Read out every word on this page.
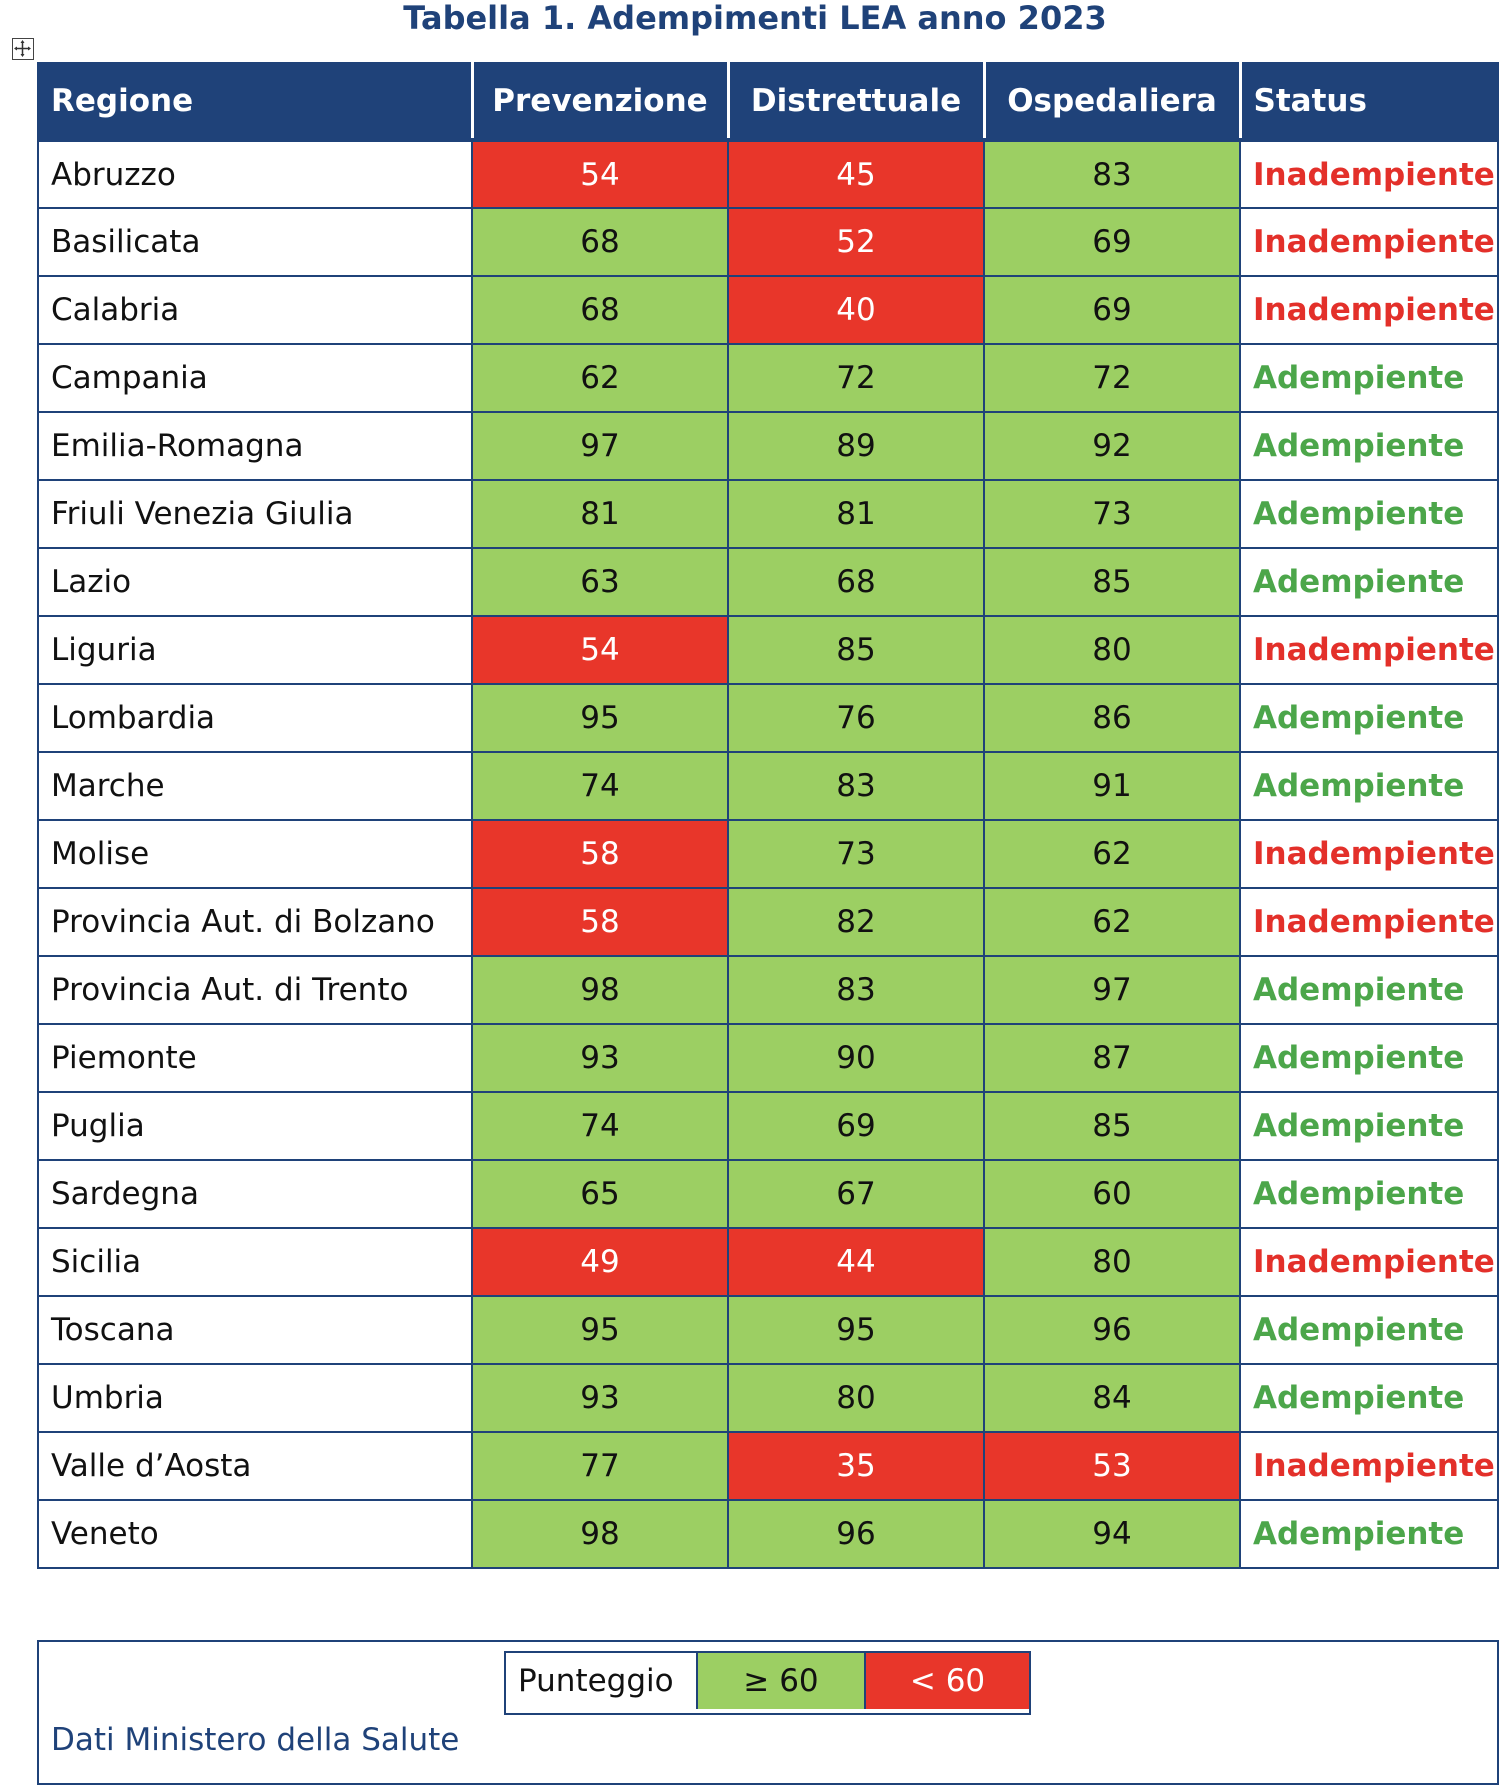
Tabella 1. Adempimenti LEA anno 2023
Regione	Prevenzione	Distrettuale	Ospedaliera	Status
Abruzzo	54	45	83	Inadempiente
Basilicata	68	52	69	Inadempiente
Calabria	68	40	69	Inadempiente
Campania	62	72	72	Adempiente
Emilia-Romagna	97	89	92	Adempiente
Friuli Venezia Giulia	81	81	73	Adempiente
Lazio	63	68	85	Adempiente
Liguria	54	85	80	Inadempiente
Lombardia	95	76	86	Adempiente
Marche	74	83	91	Adempiente
Molise	58	73	62	Inadempiente
Provincia Aut. di Bolzano	58	82	62	Inadempiente
Provincia Aut. di Trento	98	83	97	Adempiente
Piemonte	93	90	87	Adempiente
Puglia	74	69	85	Adempiente
Sardegna	65	67	60	Adempiente
Sicilia	49	44	80	Inadempiente
Toscana	95	95	96	Adempiente
Umbria	93	80	84	Adempiente
Valle d’Aosta	77	35	53	Inadempiente
Veneto	98	96	94	Adempiente
Punteggio	≥ 60	< 60
Dati Ministero della Salute
